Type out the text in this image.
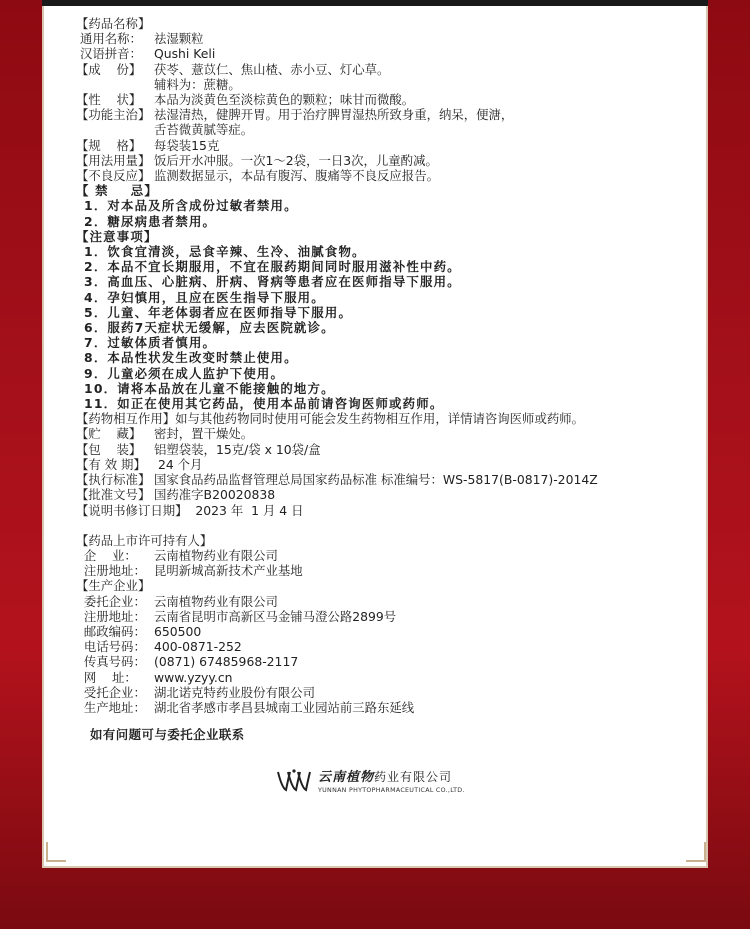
【药品名称】
通用名称： 祛湿颗粒
汉语拼音： Qushi Keli
【成    份】	茯苓、薏苡仁、焦山楂、赤小豆、灯心草。
辅料为：蔗糖。
【性    状】	本品为淡黄色至淡棕黄色的颗粒；味甘而微酸。
【功能主治】 祛湿清热，健脾开胃。用于治疗脾胃湿热所致身重，纳呆，便溏，
舌苔微黄腻等症。
【规    格】	每袋装15克
【用法用量】 饭后开水冲服。一次1～2袋，一日3次，儿童酌减。
【不良反应】 监测数据显示，本品有腹泻、腹痛等不良反应报告。
【 禁    忌】
1．对本品及所含成份过敏者禁用。
2．糖尿病患者禁用。
【注意事项】
1．饮食宜清淡，忌食辛辣、生冷、油腻食物。
2．本品不宜长期服用，不宜在服药期间同时服用滋补性中药。
3．高血压、心脏病、肝病、肾病等患者应在医师指导下服用。
4．孕妇慎用，且应在医生指导下服用。
5．儿童、年老体弱者应在医师指导下服用。
6．服药7天症状无缓解，应去医院就诊。
7．过敏体质者慎用。
8．本品性状发生改变时禁止使用。
9．儿童必须在成人监护下使用。
10．请将本品放在儿童不能接触的地方。
11．如正在使用其它药品，使用本品前请咨询医师或药师。
【药物相互作用】 如与其他药物同时使用可能会发生药物相互作用，详情请咨询医师或药师。
【贮    藏】	密封，置干燥处。
【包    装】	铝塑袋装，15克/袋 x 10袋/盒
【有 效 期】 24 个月
【执行标准】 国家食品药品监督管理总局国家药品标准 标准编号：WS-5817(B-0817)-2014Z
【批准文号】 国药准字B20020838
【说明书修订日期】 2023 年  1 月 4 日
【药品上市许可持有人】
企    业：	云南植物药业有限公司
注册地址： 昆明新城高新技术产业基地
【生产企业】
委托企业： 云南植物药业有限公司
注册地址： 云南省昆明市高新区马金铺马澄公路2899号
邮政编码： 650500
电话号码： 400-0871-252
传真号码： (0871) 67485968-2117
网    址：	www.yzyy.cn
受托企业： 湖北诺克特药业股份有限公司
生产地址： 湖北省孝感市孝昌县城南工业园站前三路东延线
如有问题可与委托企业联系
云南植物药业有限公司
YUNNAN PHYTOPHARMACEUTICAL CO.,LTD.
